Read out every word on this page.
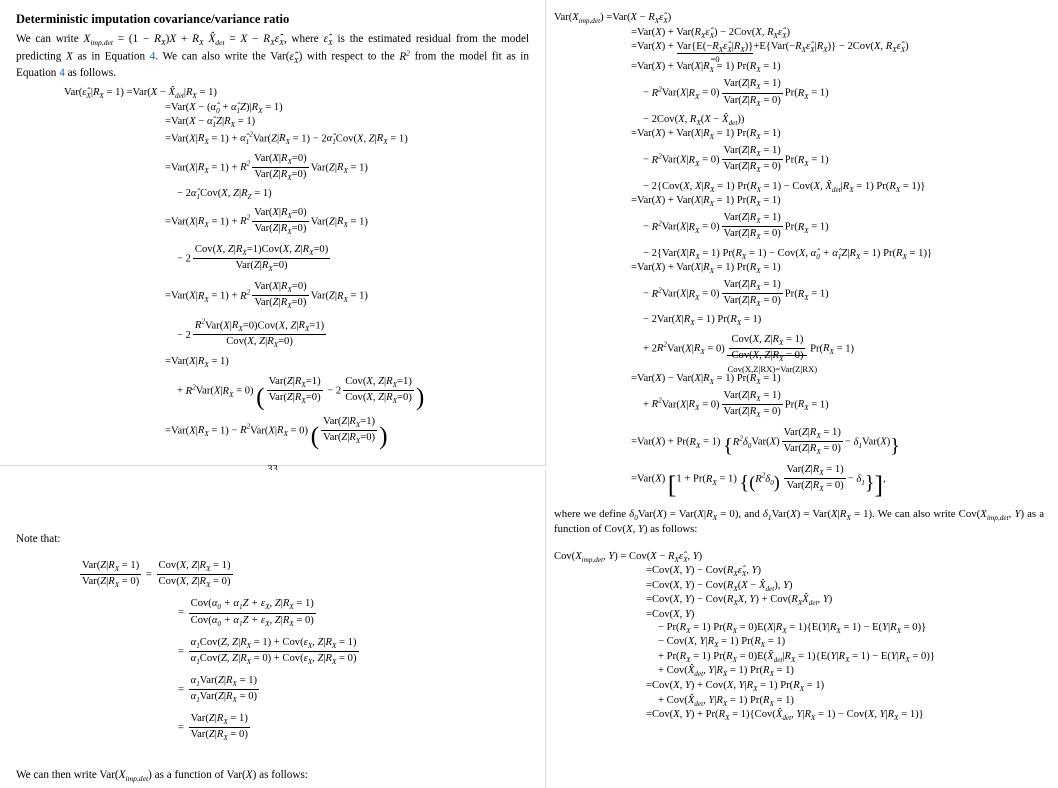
Deterministic imputation covariance/variance ratio

We can write $X_{imp,det} = (1 - R_X)X + R_X$ $X̂_{det} = X$ − $R_X\varepsilon̂_X$, where $\varepsilon̂_X$ is the estimated residual from the model predicting X as in Equation 4. We can also write the $Var(\varepsilon̂_X)$ with respect to the $R^2$ from the model fit as in Equation 4 as follows.

$Var(\varepsilon̂_X|R_X = 1) =Var(X$ − $X̂_{det}|R_X = 1$)
$=Var(X - (\alphâ_0$ + $\alphâ_1Z)|R_X = 1$)
$=Var(X - \alphâ_1Z|R_X = 1)$
$=Var(X|R_X = 1)$ + $\alphâ_1^2Var(Z|R_X = 1)$ − $2\alphâ_1Cov(X$, $Z|R_X = 1$)
$=Var(X|R_X = 1) + R^2 \frac{Var(X|R_X=0)}{Var(Z|R_X=0)} Var(Z|R_X = 1)$
− $2\alphâ_1Cov(X$, $Z|R_Z = 1$)
$=Var(X|R_X = 1) + R^2 \frac{Var(X|R_X=0)}{Var(Z|R_X=0)} Var(Z|R_X = 1)$
− $2 \frac{Cov(X, Z|R_X=1)Cov(X, Z|R_X=0)}{Var(Z|R_X=0)}$
$=Var(X|R_X = 1) + R^2 \frac{Var(X|R_X=0)}{Var(Z|R_X=0)} Var(Z|R_X = 1)$
− $2 \frac{R^2Var(X|R_X=0)Cov(X, Z|R_X=1)}{Cov(X, Z|R_X=0)}$
$=Var(X|R_X = 1)$
+ $R^2Var(X|R_X = 0)$ ( $\frac{Var(Z|R_X=1)}{Var(Z|R_X=0)} - 2 \frac{Cov(X, Z|R_X=1)}{Cov(X, Z|R_X=0)}$ )
$=Var(X|R_X = 1) - R^2Var(X|R_X = 0)$ ( $\frac{Var(Z|R_X=1)}{Var(Z|R_X=0)}$ )

Note that:

$\frac{Var(Z|R_X = 1)}{Var(Z|R_X = 0)} = \frac{Cov(X, Z|R_X = 1)}{Cov(X, Z|R_X = 0)}$
= $\frac{Cov(\alpha_0 + \alpha_1Z + \varepsilon_X, Z|R_X = 1)}{Cov(\alpha_0 + \alpha_1Z + \varepsilon_X, Z|R_X = 0)}$
= $\frac{\alpha_1Cov(Z, Z|R_X = 1) + Cov(\varepsilon_X, Z|R_X = 1)}{\alpha_1Cov(Z, Z|R_X = 0) + Cov(\varepsilon_X, Z|R_X = 0)}$
= $\frac{\alpha_1Var(Z|R_X = 1)}{\alpha_1Var(Z|R_X = 0)}$
= $\frac{Var(Z|R_X = 1)}{Var(Z|R_X = 0)}$

We can then write $Var(X_{imp,det})$ as a function of Var(X) as follows:

$Var(X_{imp,det}) =Var(X$ − $R_X\varepsilon̂_X$)
$=Var(X) + Var(R_X\varepsilon̂_X) - 2Cov(X$, $R_X\varepsilon̂_X$)
$=Var(X) + Var\{E(-R_X\varepsilon̂_X|R_X)\}$
=0
$+E\{Var(-R_X\varepsilon̂_X|R_X)\} - 2Cov(X$, $R_X\varepsilon̂_X$)
$=Var(X) + Var(X|R_X = 1) Pr(R_X = 1)$
− $R^2Var(X|R_X = 0) \frac{Var(Z|R_X = 1)}{Var(Z|R_X = 0)} Pr(R_X = 1)$
− 2Cov(X, $R_X(X$ − $X̂_{det}$))
$=Var(X) + Var(X|R_X = 1) Pr(R_X = 1)$
− $R^2Var(X|R_X = 0) \frac{Var(Z|R_X = 1)}{Var(Z|R_X = 0)} Pr(R_X = 1)$
− 2{Cov(X, $X|R_X = 1$) $Pr(R_X = 1) - Cov(X$, $X̂_{det}|R_X = 1$) $Pr(R_X = 1)$}
$=Var(X) + Var(X|R_X = 1) Pr(R_X = 1)$
− $R^2Var(X|R_X = 0) \frac{Var(Z|R_X = 1)}{Var(Z|R_X = 0)} Pr(R_X = 1)$
− $2\{Var(X|R_X = 1) Pr(R_X = 1) - Cov(X$, $\alphâ_0$ + $\alphâ_1Z|R_X = 1$) $Pr(R_X = 1)$}
$=Var(X) + Var(X|R_X = 1) Pr(R_X = 1)$
− $R^2Var(X|R_X = 0) \frac{Var(Z|R_X = 1)}{Var(Z|R_X = 0)} Pr(R_X = 1)$
− $2Var(X|R_X = 1) Pr(R_X = 1)$
+ $2R^2Var(X|R_X = 0) \frac{Cov(X, Z|R_X = 1)}{Cov(X, Z|R_X = 0)}$
Cov(X,Z|RX)=Var(Z|RX)
$Pr(R_X = 1)$
$=Var(X) - Var(X|R_X = 1) Pr(R_X = 1)$
+ $R^2Var(X|R_X = 0) \frac{Var(Z|R_X = 1)}{Var(Z|R_X = 0)} Pr(R_X = 1)$
$=Var(X) + Pr(R_X = 1)$ $\{R^2\delta_0Var(X) \frac{Var(Z|R_X = 1)}{Var(Z|R_X = 0)} - \delta_1Var(X)\}$
=Var(X) [$1 + Pr(R_X = 1)$ $\{(R^2\delta_0) \frac{Var(Z|R_X = 1)}{Var(Z|R_X = 0)} - \delta_1\}$],

where we define $\delta_0Var(X) = Var(X|R_X = 0)$, and $\delta_1Var(X) = Var(X|R_X = 1)$. We can also write $Cov(X_{imp,det}$, Y) as a function of Cov(X, Y) as follows:

$Cov(X_{imp,det}$, $Y) = Cov(X - R_X\varepsilon̂_X$, Y)
=Cov(X, $Y) - Cov(R_X\varepsilon̂_X$, Y)
=Cov(X, $Y) - Cov(R_X(X$ − $X̂_{det}$), Y)
=Cov(X, $Y) - Cov(R_XX$, $Y) + Cov(R_XX̂_{det}$, Y)
=Cov(X, Y)
− $Pr(R_X = 1) Pr(R_X = 0)E(X|R_X = 1)\{E(Y|R_X = 1) - E(Y|R_X = 0)\}$
− Cov(X, $Y|R_X = 1$) $Pr(R_X = 1)$
+ $Pr(R_X = 1) Pr(R_X$ = $0)E(X̂_{det}|R_X = 1)\{E(Y|R_X = 1) - E(Y|R_X = 0)\}$
+ $Cov(X̂_{det}$, $Y|R_X = 1$) $Pr(R_X = 1)$
=Cov(X, Y) + Cov(X, $Y|R_X = 1$) $Pr(R_X = 1)$
+ $Cov(X̂_{det}$, $Y|R_X = 1$) $Pr(R_X = 1)$
=Cov(X, $Y) + Pr(R_X$ = $1)\{Cov(X̂_{det}$, $Y|R_X = 1) - Cov(X$, $Y|R_X = 1$)}
